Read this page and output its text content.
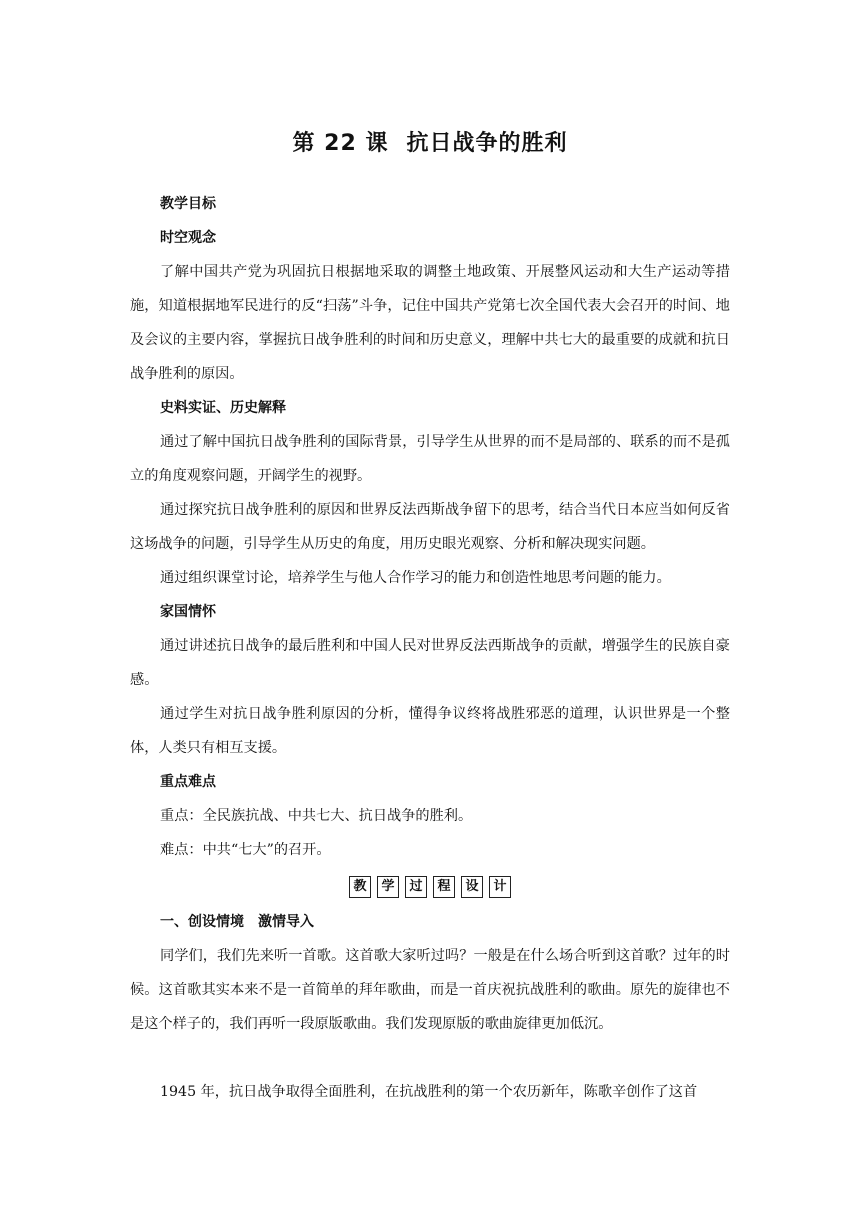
第 22 课 抗日战争的胜利

教学目标

时空观念

了解中国共产党为巩固抗日根据地采取的调整土地政策、开展整风运动和大生产运动等措施，知道根据地军民进行的反“扫荡”斗争，记住中国共产党第七次全国代表大会召开的时间、地及会议的主要内容，掌握抗日战争胜利的时间和历史意义，理解中共七大的最重要的成就和抗日战争胜利的原因。

史料实证、历史解释

通过了解中国抗日战争胜利的国际背景，引导学生从世界的而不是局部的、联系的而不是孤立的角度观察问题，开阔学生的视野。

通过探究抗日战争胜利的原因和世界反法西斯战争留下的思考，结合当代日本应当如何反省这场战争的问题，引导学生从历史的角度，用历史眼光观察、分析和解决现实问题。

通过组织课堂讨论，培养学生与他人合作学习的能力和创造性地思考问题的能力。

家国情怀

通过讲述抗日战争的最后胜利和中国人民对世界反法西斯战争的贡献，增强学生的民族自豪感。

通过学生对抗日战争胜利原因的分析，懂得争议终将战胜邪恶的道理，认识世界是一个整体，人类只有相互支援。

重点难点

重点：全民族抗战、中共七大、抗日战争的胜利。

难点：中共“七大”的召开。

教	学	过	程	设	计

一、创设情境　激情导入

同学们，我们先来听一首歌。这首歌大家听过吗？一般是在什么场合听到这首歌？过年的时候。这首歌其实本来不是一首简单的拜年歌曲，而是一首庆祝抗战胜利的歌曲。原先的旋律也不是这个样子的，我们再听一段原版歌曲。我们发现原版的歌曲旋律更加低沉。

1945 年，抗日战争取得全面胜利，在抗战胜利的第一个农历新年，陈歌辛创作了这首
